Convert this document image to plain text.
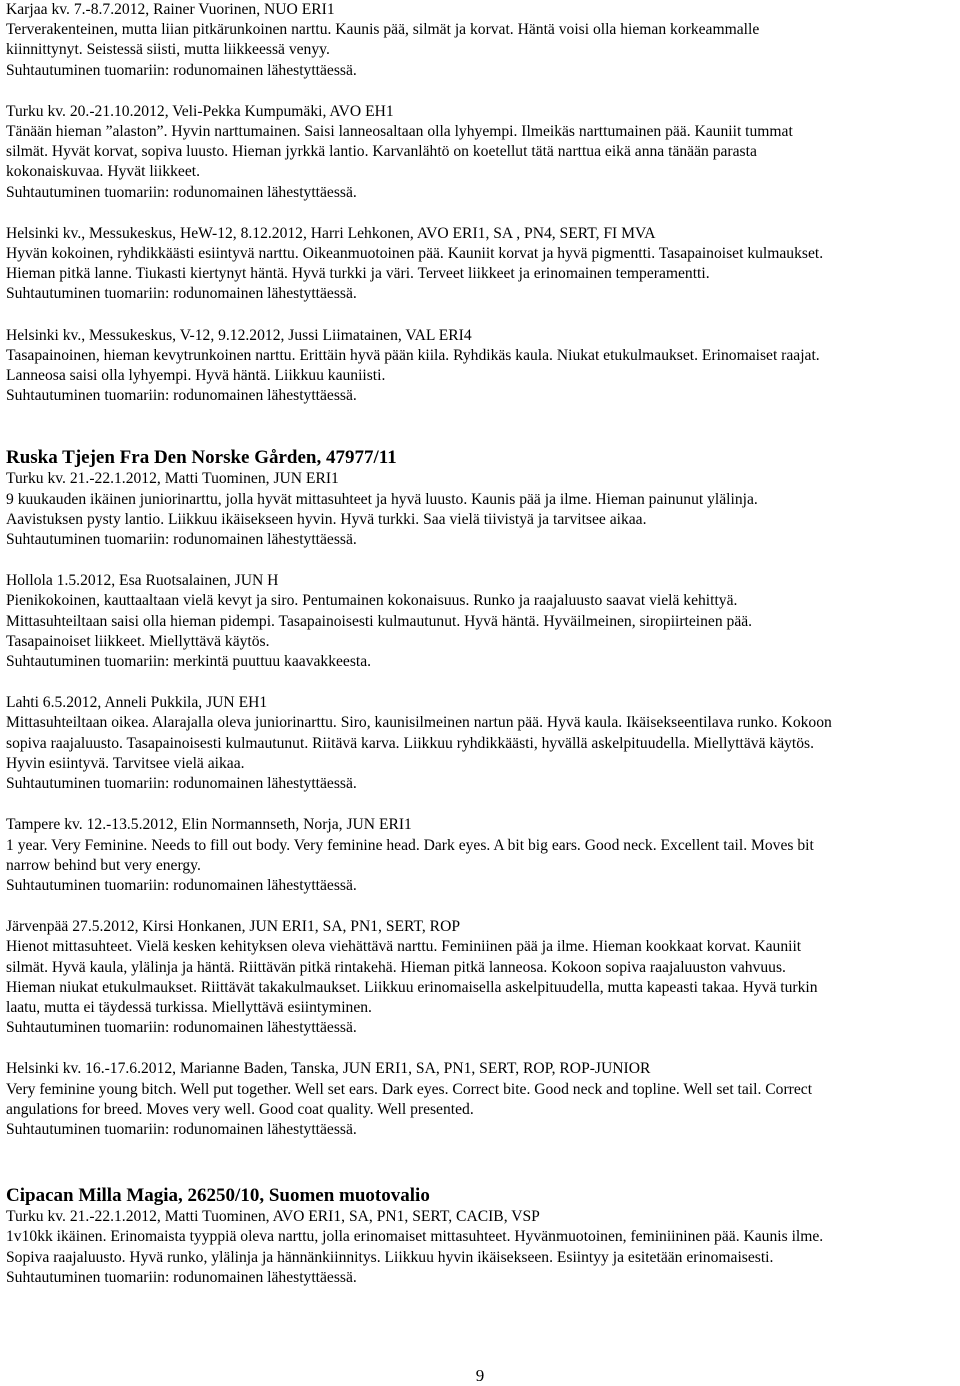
Karjaa kv. 7.-8.7.2012, Rainer Vuorinen, NUO ERI1
Terverakenteinen, mutta liian pitkärunkoinen narttu. Kaunis pää, silmät ja korvat. Häntä voisi olla hieman korkeammalle
kiinnittynyt. Seistessä siisti, mutta liikkeessä venyy.
Suhtautuminen tuomariin: rodunomainen lähestyttäessä.
Turku kv. 20.-21.10.2012, Veli-Pekka Kumpumäki, AVO EH1
Tänään hieman ”alaston”. Hyvin narttumainen. Saisi lanneosaltaan olla lyhyempi. Ilmeikäs narttumainen pää. Kauniit tummat
silmät. Hyvät korvat, sopiva luusto. Hieman jyrkkä lantio. Karvanlähtö on koetellut tätä narttua eikä anna tänään parasta
kokonaiskuvaa. Hyvät liikkeet.
Suhtautuminen tuomariin: rodunomainen lähestyttäessä.
Helsinki kv., Messukeskus, HeW-12, 8.12.2012, Harri Lehkonen, AVO ERI1, SA , PN4, SERT, FI MVA
Hyvän kokoinen, ryhdikkäästi esiintyvä narttu. Oikeanmuotoinen pää. Kauniit korvat ja hyvä pigmentti. Tasapainoiset kulmaukset.
Hieman pitkä lanne. Tiukasti kiertynyt häntä. Hyvä turkki ja väri. Terveet liikkeet ja erinomainen temperamentti.
Suhtautuminen tuomariin: rodunomainen lähestyttäessä.
Helsinki kv., Messukeskus, V-12, 9.12.2012, Jussi Liimatainen, VAL ERI4
Tasapainoinen, hieman kevytrunkoinen narttu. Erittäin hyvä pään kiila. Ryhdikäs kaula. Niukat etukulmaukset. Erinomaiset raajat.
Lanneosa saisi olla lyhyempi. Hyvä häntä. Liikkuu kauniisti.
Suhtautuminen tuomariin: rodunomainen lähestyttäessä.
Ruska Tjejen Fra Den Norske Gården, 47977/11
Turku kv. 21.-22.1.2012, Matti Tuominen, JUN ERI1
9 kuukauden ikäinen juniorinarttu, jolla hyvät mittasuhteet ja hyvä luusto. Kaunis pää ja ilme. Hieman painunut ylälinja.
Aavistuksen pysty lantio. Liikkuu ikäisekseen hyvin. Hyvä turkki. Saa vielä tiivistyä ja tarvitsee aikaa.
Suhtautuminen tuomariin: rodunomainen lähestyttäessä.
Hollola 1.5.2012, Esa Ruotsalainen, JUN H
Pienikokoinen, kauttaaltaan vielä kevyt ja siro. Pentumainen kokonaisuus. Runko ja raajaluusto saavat vielä kehittyä.
Mittasuhteiltaan saisi olla hieman pidempi. Tasapainoisesti kulmautunut. Hyvä häntä. Hyväilmeinen, siropiirteinen pää.
Tasapainoiset liikkeet. Miellyttävä käytös.
Suhtautuminen tuomariin: merkintä puuttuu kaavakkeesta.
Lahti 6.5.2012, Anneli Pukkila, JUN EH1
Mittasuhteiltaan oikea. Alarajalla oleva juniorinarttu. Siro, kaunisilmeinen nartun pää. Hyvä kaula. Ikäisekseentilava runko. Kokoon
sopiva raajaluusto. Tasapainoisesti kulmautunut. Riitävä karva. Liikkuu ryhdikkäästi, hyvällä askelpituudella. Miellyttävä käytös.
Hyvin esiintyvä. Tarvitsee vielä aikaa.
Suhtautuminen tuomariin: rodunomainen lähestyttäessä.
Tampere kv. 12.-13.5.2012, Elin Normannseth, Norja, JUN ERI1
1 year. Very Feminine. Needs to fill out body. Very feminine head. Dark eyes. A bit big ears. Good neck. Excellent tail. Moves bit
narrow behind but very energy.
Suhtautuminen tuomariin: rodunomainen lähestyttäessä.
Järvenpää 27.5.2012, Kirsi Honkanen, JUN ERI1, SA, PN1, SERT, ROP
Hienot mittasuhteet. Vielä kesken kehityksen oleva viehättävä narttu. Feminiinen pää ja ilme. Hieman kookkaat korvat. Kauniit
silmät. Hyvä kaula, ylälinja ja häntä. Riittävän pitkä rintakehä. Hieman pitkä lanneosa. Kokoon sopiva raajaluuston vahvuus.
Hieman niukat etukulmaukset. Riittävät takakulmaukset. Liikkuu erinomaisella askelpituudella, mutta kapeasti takaa. Hyvä turkin
laatu, mutta ei täydessä turkissa. Miellyttävä esiintyminen.
Suhtautuminen tuomariin: rodunomainen lähestyttäessä.
Helsinki kv. 16.-17.6.2012, Marianne Baden, Tanska, JUN ERI1, SA, PN1, SERT, ROP, ROP-JUNIOR
Very feminine young bitch. Well put together. Well set ears. Dark eyes. Correct bite. Good neck and topline. Well set tail. Correct
angulations for breed. Moves very well. Good coat quality. Well presented.
Suhtautuminen tuomariin: rodunomainen lähestyttäessä.
Cipacan Milla Magia, 26250/10, Suomen muotovalio
Turku kv. 21.-22.1.2012, Matti Tuominen, AVO ERI1, SA, PN1, SERT, CACIB, VSP
1v10kk ikäinen. Erinomaista tyyppiä oleva narttu, jolla erinomaiset mittasuhteet. Hyvänmuotoinen, feminiininen pää. Kaunis ilme.
Sopiva raajaluusto. Hyvä runko, ylälinja ja hännänkiinnitys. Liikkuu hyvin ikäisekseen. Esiintyy ja esitetään erinomaisesti.
Suhtautuminen tuomariin: rodunomainen lähestyttäessä.
9
